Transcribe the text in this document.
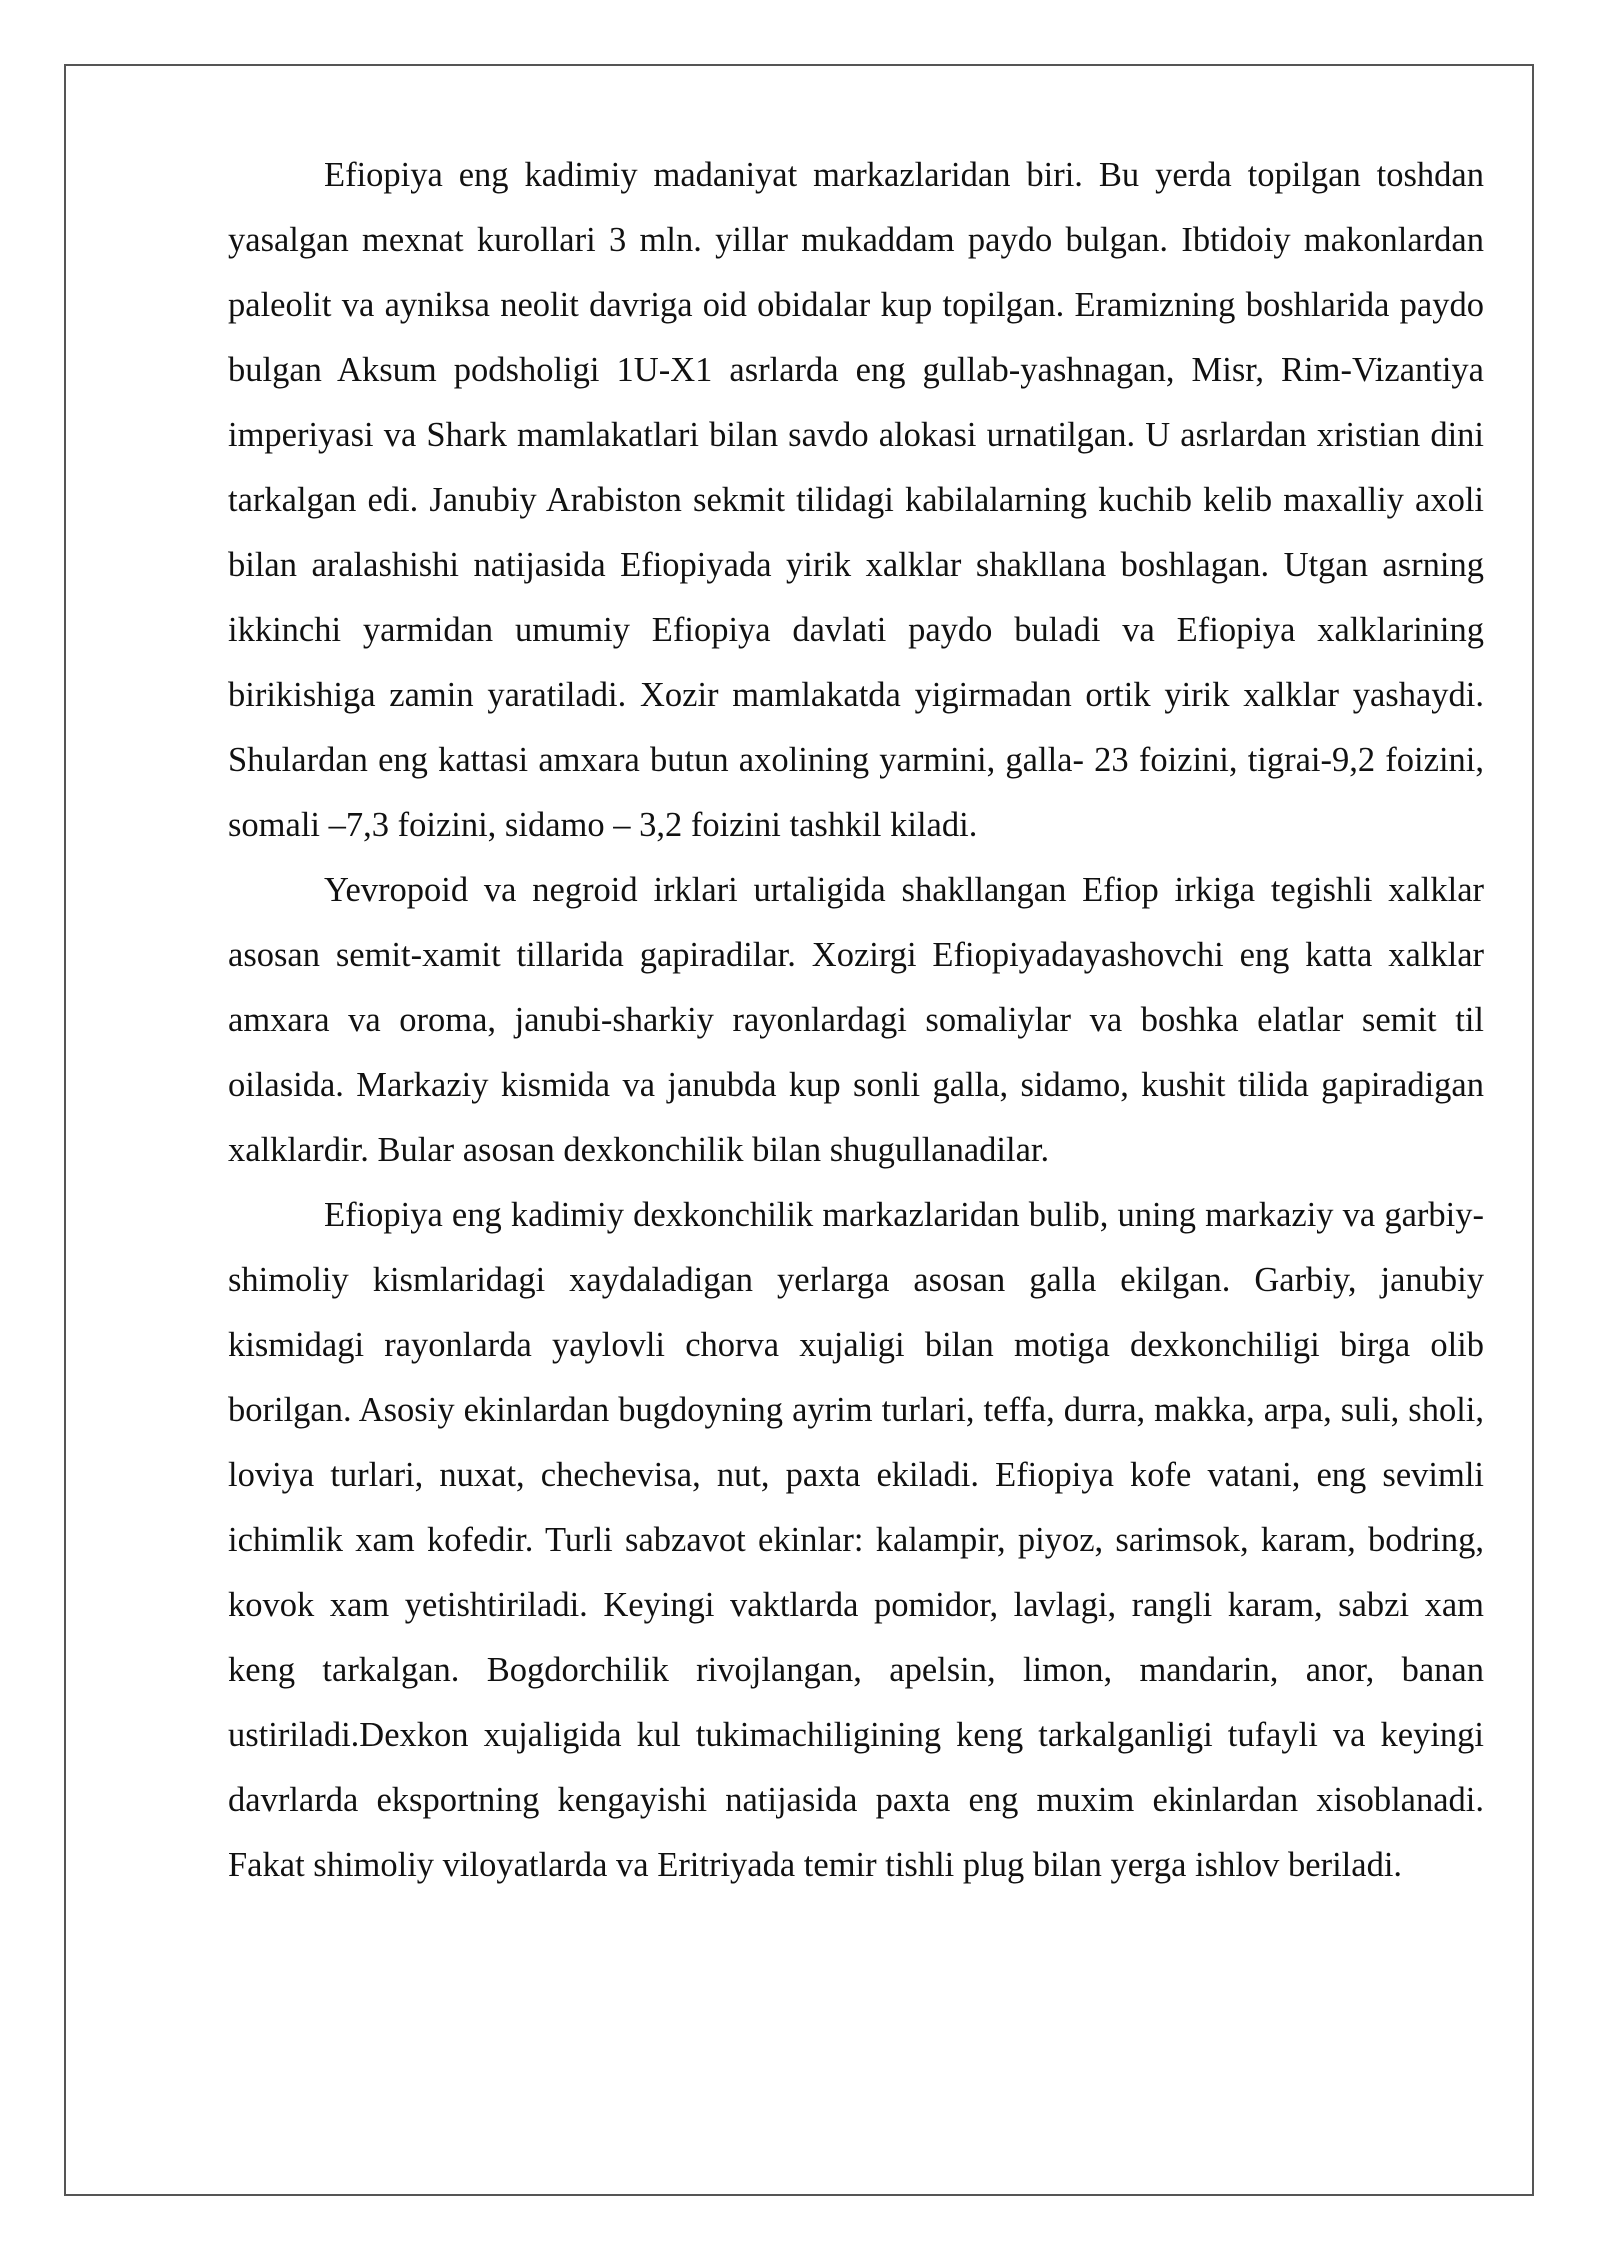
Efiopiya eng kadimiy madaniyat markazlaridan biri. Bu yerda topilgan toshdan yasalgan mexnat kurollari 3 mln. yillar mukaddam paydo bulgan. Ibtidoiy makonlardan paleolit va ayniksa neolit davriga oid obidalar kup topilgan. Eramizning boshlarida paydo bulgan Aksum podsholigi 1U-X1 asrlarda eng gullab-yashnagan, Misr, Rim-Vizantiya imperiyasi va Shark mamlakatlari bilan savdo alokasi urnatilgan. U asrlardan xristian dini tarkalgan edi. Janubiy Arabiston sekmit tilidagi kabilalarning kuchib kelib maxalliy axoli bilan aralashishi natijasida Efiopiyada yirik xalklar shakllana boshlagan. Utgan asrning ikkinchi yarmidan umumiy Efiopiya davlati paydo buladi va Efiopiya xalklarining birikishiga zamin yaratiladi. Xozir mamlakatda yigirmadan ortik yirik xalklar yashaydi. Shulardan eng kattasi amxara butun axolining yarmini, galla- 23 foizini, tigrai-9,2 foizini, somali –7,3 foizini, sidamo – 3,2 foizini tashkil kiladi.

Yevropoid va negroid irklari urtaligida shakllangan Efiop irkiga tegishli xalklar asosan semit-xamit tillarida gapiradilar. Xozirgi Efiopiyadayashovchi eng katta xalklar amxara va oroma, janubi-sharkiy rayonlardagi somaliylar va boshka elatlar semit til oilasida. Markaziy kismida va janubda kup sonli galla, sidamo, kushit tilida gapiradigan xalklardir. Bular asosan dexkonchilik bilan shugullanadilar.

Efiopiya eng kadimiy dexkonchilik markazlaridan bulib, uning markaziy va garbiy-shimoliy kismlaridagi xaydaladigan yerlarga asosan galla ekilgan. Garbiy, janubiy kismidagi rayonlarda yaylovli chorva xujaligi bilan motiga dexkonchiligi birga olib borilgan. Asosiy ekinlardan bugdoyning ayrim turlari, teffa, durra, makka, arpa, suli, sholi, loviya turlari, nuxat, chechevisa, nut, paxta ekiladi. Efiopiya kofe vatani, eng sevimli ichimlik xam kofedir. Turli sabzavot ekinlar: kalampir, piyoz, sarimsok, karam, bodring, kovok xam yetishtiriladi. Keyingi vaktlarda pomidor, lavlagi, rangli karam, sabzi xam keng tarkalgan. Bogdorchilik rivojlangan, apelsin, limon, mandarin, anor, banan ustiriladi.Dexkon xujaligida kul tukimachiligining keng tarkalganligi tufayli va keyingi davrlarda eksportning kengayishi natijasida paxta eng muxim ekinlardan xisoblanadi. Fakat shimoliy viloyatlarda va Eritriyada temir tishli plug bilan yerga ishlov beriladi.
